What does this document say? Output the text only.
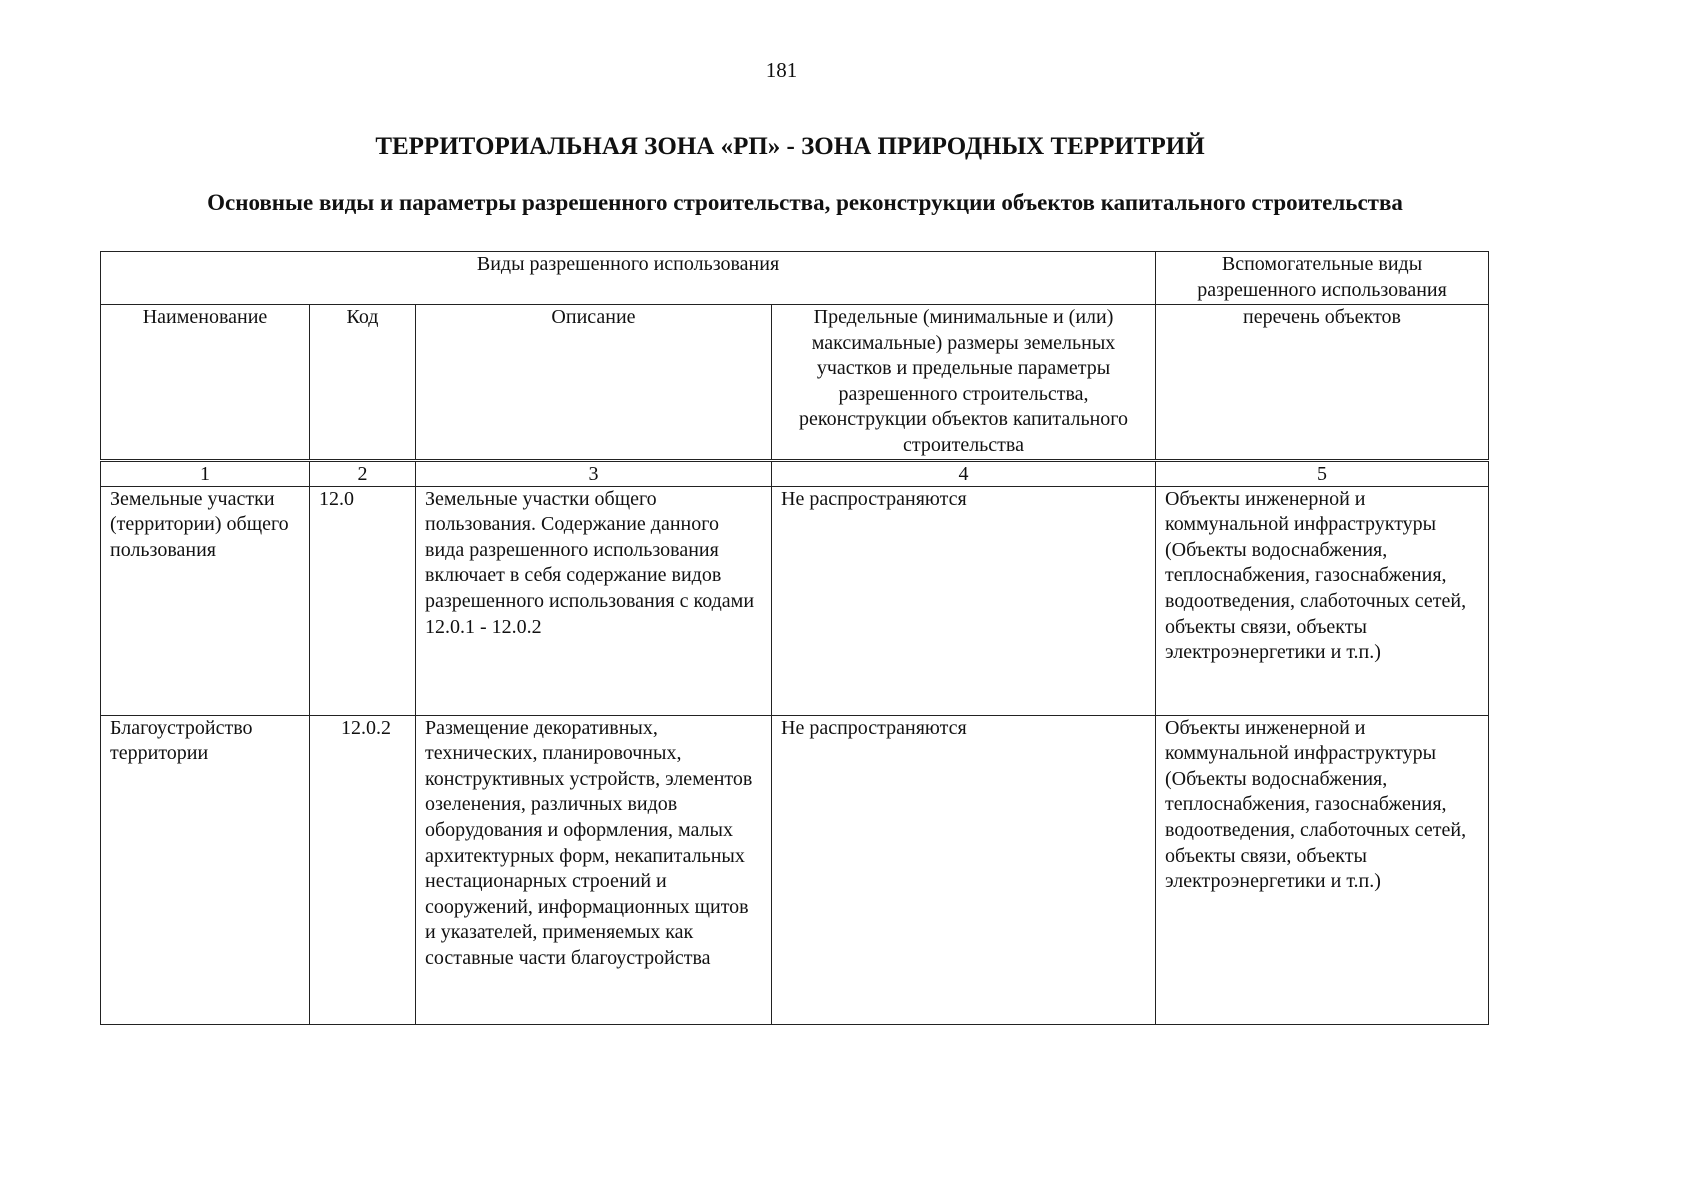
181
ТЕРРИТОРИАЛЬНАЯ ЗОНА «РП» - ЗОНА ПРИРОДНЫХ ТЕРРИТРИЙ
Основные виды и параметры разрешенного строительства, реконструкции объектов капитального строительства
Виды разрешенного использования				Вспомогательные виды разрешенного использования
Наименование	Код	Описание	Предельные (минимальные и (или) максимальные) размеры земельных участков и предельные параметры разрешенного строительства, реконструкции объектов капитального строительства	перечень объектов
1	2	3	4	5
Земельные участки (территории) общего пользования	12.0	Земельные участки общего пользования. Содержание данного вида разрешенного использования включает в себя содержание видов разрешенного использования с кодами 12.0.1 - 12.0.2	Не распространяются	Объекты инженерной и коммунальной инфраструктуры (Объекты водоснабжения, теплоснабжения, газоснабжения, водоотведения, слаботочных сетей, объекты связи, объекты электроэнергетики и т.п.)
Благоустройство территории	12.0.2	Размещение декоративных, технических, планировочных, конструктивных устройств, элементов озеленения, различных видов оборудования и оформления, малых архитектурных форм, некапитальных нестационарных строений и сооружений, информационных щитов и указателей, применяемых как составные части благоустройства	Не распространяются	Объекты инженерной и коммунальной инфраструктуры (Объекты водоснабжения, теплоснабжения, газоснабжения, водоотведения, слаботочных сетей, объекты связи, объекты электроэнергетики и т.п.)
